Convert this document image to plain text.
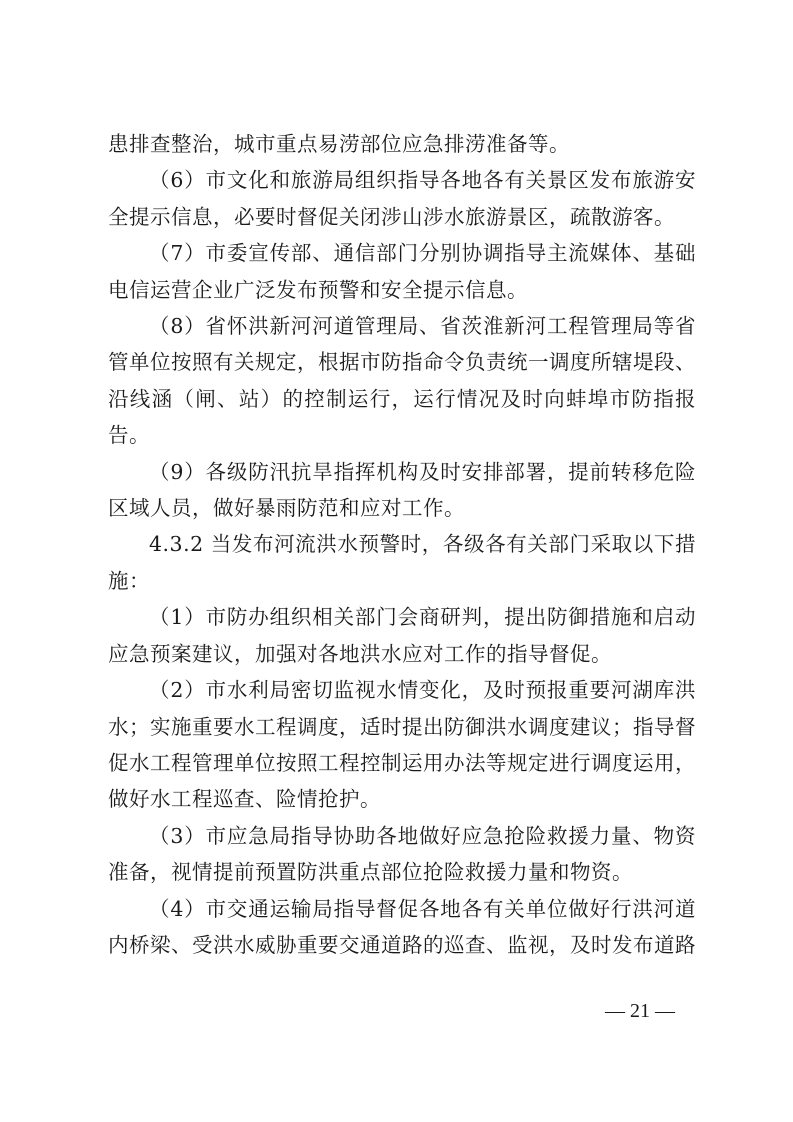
患排查整治，城市重点易涝部位应急排涝准备等。

（6）市文化和旅游局组织指导各地各有关景区发布旅游安全提示信息，必要时督促关闭涉山涉水旅游景区，疏散游客。

（7）市委宣传部、通信部门分别协调指导主流媒体、基础电信运营企业广泛发布预警和安全提示信息。

（8）省怀洪新河河道管理局、省茨淮新河工程管理局等省管单位按照有关规定，根据市防指命令负责统一调度所辖堤段、沿线涵（闸、站）的控制运行，运行情况及时向蚌埠市防指报告。

（9）各级防汛抗旱指挥机构及时安排部署，提前转移危险区域人员，做好暴雨防范和应对工作。

4.3.2 当发布河流洪水预警时，各级各有关部门采取以下措施：

（1）市防办组织相关部门会商研判，提出防御措施和启动应急预案建议，加强对各地洪水应对工作的指导督促。

（2）市水利局密切监视水情变化，及时预报重要河湖库洪水；实施重要水工程调度，适时提出防御洪水调度建议；指导督促水工程管理单位按照工程控制运用办法等规定进行调度运用，做好水工程巡查、险情抢护。

（3）市应急局指导协助各地做好应急抢险救援力量、物资准备，视情提前预置防洪重点部位抢险救援力量和物资。

（4）市交通运输局指导督促各地各有关单位做好行洪河道内桥梁、受洪水威胁重要交通道路的巡查、监视，及时发布道路

— 21 —
